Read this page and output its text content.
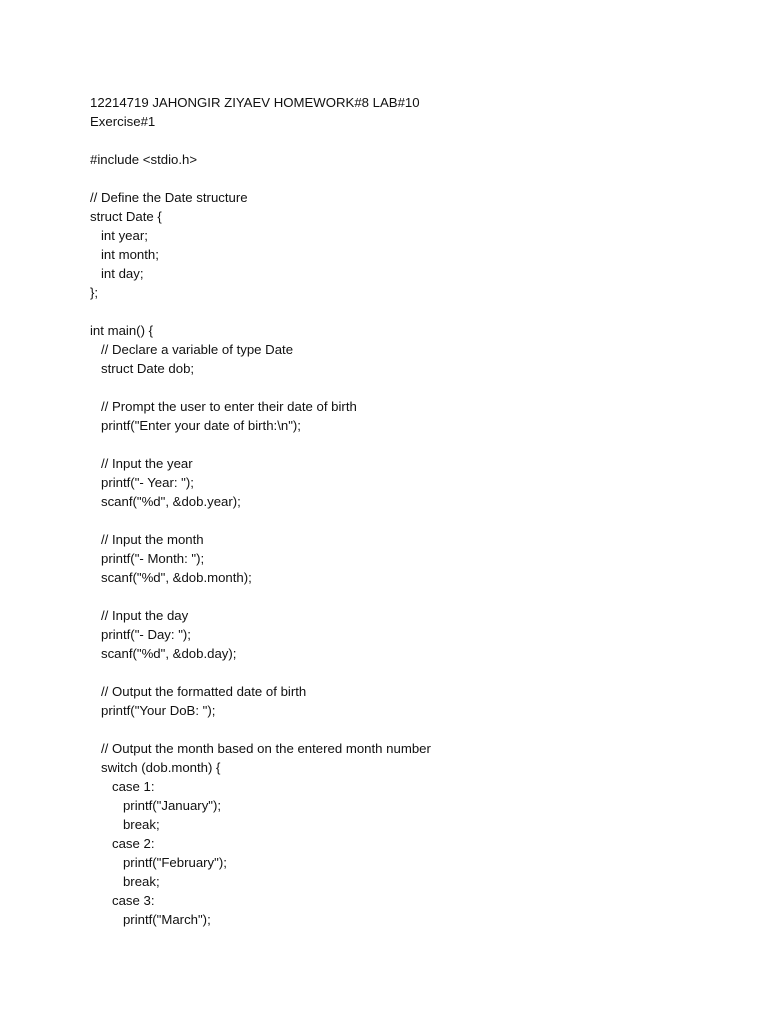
12214719 JAHONGIR ZIYAEV HOMEWORK#8 LAB#10
Exercise#1
#include <stdio.h>
// Define the Date structure
struct Date {
int year;
int month;
int day;
};
int main() {
// Declare a variable of type Date
struct Date dob;
// Prompt the user to enter their date of birth
printf("Enter your date of birth:\n");
// Input the year
printf("- Year: ");
scanf("%d", &dob.year);
// Input the month
printf("- Month: ");
scanf("%d", &dob.month);
// Input the day
printf("- Day: ");
scanf("%d", &dob.day);
// Output the formatted date of birth
printf("Your DoB: ");
// Output the month based on the entered month number
switch (dob.month) {
case 1:
printf("January");
break;
case 2:
printf("February");
break;
case 3:
printf("March");
